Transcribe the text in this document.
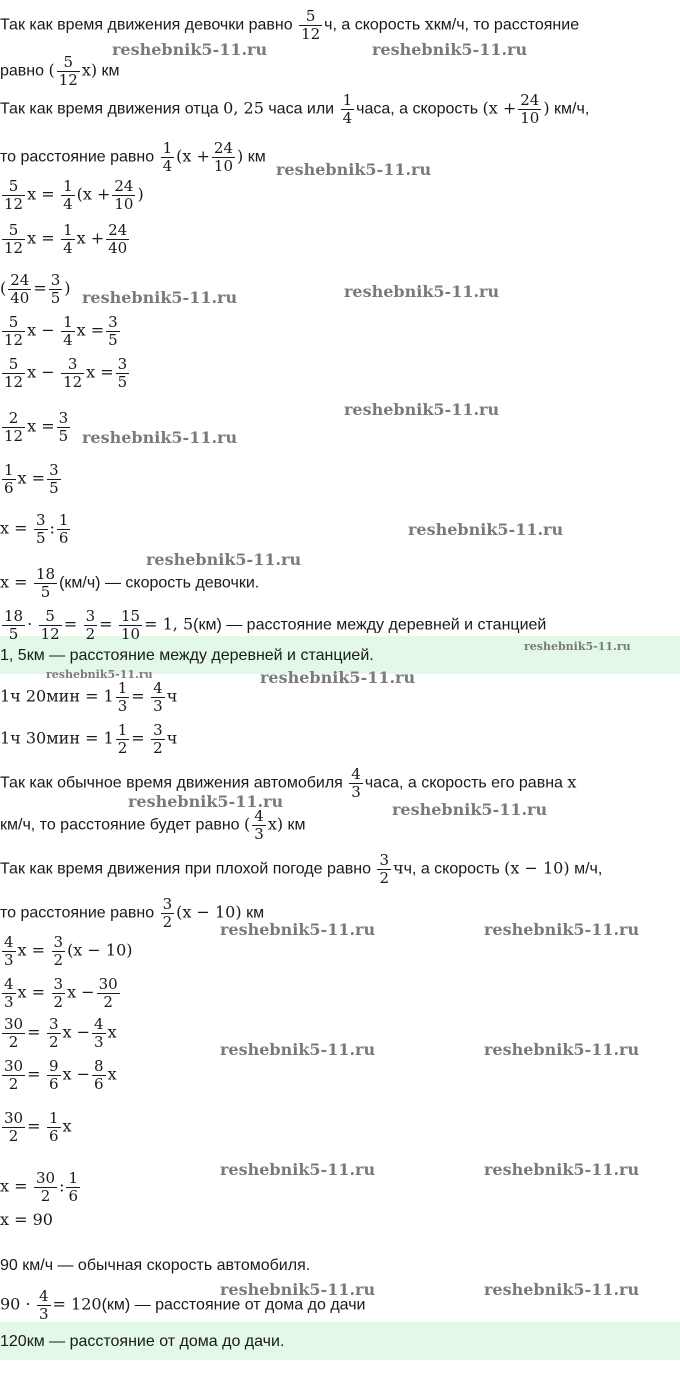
Так как время движения девочки равно $\frac{5}{12} ч$, а скорость xкм/ч, то расстояние
равно ( $\frac{5}{12} x$) км
Так как время движения отца 0, 25 часа или $\frac{1}{4}$ часа, а скорость ($x + \frac{24}{10}$ ) км/ч,
то расстояние равно $\frac{1}{4} (x + \frac{24}{10}$ ) км
$\frac{5}{12}$ $x = \frac{1}{4} (x + \frac{24}{10}$ )
$\frac{5}{12}$ $x = \frac{1}{4}$ $x + \frac{24}{40}$
( $\frac{24}{40} = \frac{3}{5}$ )
$\frac{5}{12}$ $x - \frac{1}{4}$ $x = \frac{3}{5}$
$\frac{5}{12}$ $x - \frac{3}{12}$ $x = \frac{3}{5}$
$\frac{2}{12}$ $x = \frac{3}{5}$
$\frac{1}{6}$ $x = \frac{3}{5}$
$x = \frac{3}{5}$ : $\frac{1}{6}$
$x = \frac{18}{5} (км/ч)$ — скорость девочки.
$\frac{18}{5} \cdot \frac{5}{12} = \frac{3}{2} = \frac{15}{10} = 1$, 5(км) — расстояние между деревней и станцией
1, 5км — расстояние между деревней и станцией.
1ч $20мин = 1 \frac{1}{3} = \frac{4}{3}$ ч
1ч $30мин = 1 \frac{1}{2} = \frac{3}{2}$ ч
Так как обычное время движения автомобиля $\frac{4}{3}$ часа, а скорость его равна x
км/ч, то расстояние будет равно ( $\frac{4}{3} x$) км
Так как время движения при плохой погоде равно $\frac{3}{2}$ чч, а скорость (x − 10) м/ч,
то расстояние равно $\frac{3}{2} (x - 10)$ км
$\frac{4}{3}$ $x = \frac{3}{2} (x - 10)$
$\frac{4}{3}$ $x = \frac{3}{2}$ $x - \frac{30}{2}$
$\frac{30}{2} = \frac{3}{2}$ $x - \frac{4}{3}$ x
$\frac{30}{2} = \frac{9}{6}$ $x - \frac{8}{6}$ x
$\frac{30}{2} = \frac{1}{6}$ x
$x = \frac{30}{2}$ : $\frac{1}{6}$
x = 90
90 км/ч — обычная скорость автомобиля.
$90 \cdot \frac{4}{3} = 120(км)$ — расстояние от дома до дачи
120км — расстояние от дома до дачи.
reshebnik5-11.ru	reshebnik5-11.ru
reshebnik5-11.ru
reshebnik5-11.ru	reshebnik5-11.ru
reshebnik5-11.ru
reshebnik5-11.ru
reshebnik5-11.ru
reshebnik5-11.ru
reshebnik5-11.ru
reshebnik5-11.ru	reshebnik5-11.ru
reshebnik5-11.ru	reshebnik5-11.ru
reshebnik5-11.ru	reshebnik5-11.ru
reshebnik5-11.ru	reshebnik5-11.ru
reshebnik5-11.ru	reshebnik5-11.ru
reshebnik5-11.ru	reshebnik5-11.ru
